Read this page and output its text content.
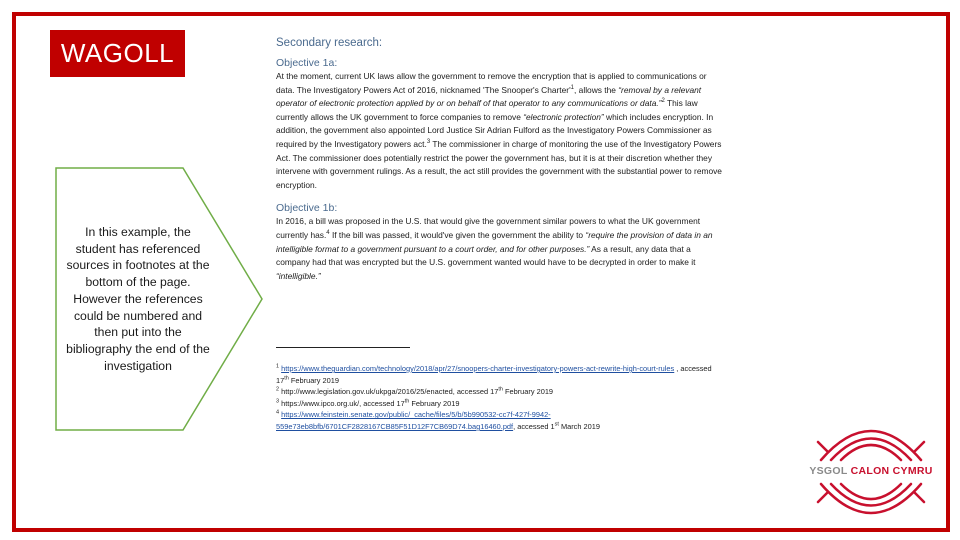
WAGOLL
In this example, the student has referenced sources in footnotes at the bottom of the page. However the references could be numbered and then put into the bibliography the end of the investigation

Secondary research:

Objective 1a:

At the moment, current UK laws allow the government to remove the encryption that is applied to communications or data. The Investigatory Powers Act of 2016, nicknamed 'The Snooper's $Charter'^1$, allows the “removal by a relevant operator of electronic protection applied by or on behalf of that operator to any communications or data.”$^2$ This law currently allows the UK government to force companies to remove “electronic protection” which includes encryption. In addition, the government also appointed Lord Justice Sir Adrian Fulford as the Investigatory Powers Commissioner as required by the Investigatory powers act.$^3$ The commissioner in charge of monitoring the use of the Investigatory Powers Act. The commissioner does potentially restrict the power the government has, but it is at their discretion whether they intervene with government rulings. As a result, the act still provides the government with the substantial power to remove encryption.

Objective 1b:

In 2016, a bill was proposed in the U.S. that would give the government similar powers to what the UK government currently has.$^4$ If the bill was passed, it would've given the government the ability to “require the provision of data in an intelligible format to a government pursuant to a court order, and for other purposes.” As a result, any data that a company had that was encrypted but the U.S. government wanted would have to be decrypted in order to make it “intelligible.”

$^1$ https://www.theguardian.com/technology/2018/apr/27/snoopers-charter-investigatory-powers-act-rewrite-high-court-rules , accessed 17th February 2019
$^2$ http://www.legislation.gov.uk/ukpga/2016/25/enacted, accessed 17th February 2019
$^3$ https://www.ipco.org.uk/, accessed 17th February 2019
$^4$ https://www.feinstein.senate.gov/public/_cache/files/5/b/5b990532-cc7f-427f-9942-559e73eb8bfb/6701CF2828167CB85F51D12F7CB69D74.bag16460.pdf, accessed 1st March 2019
YSGOL CALON CYMRU
